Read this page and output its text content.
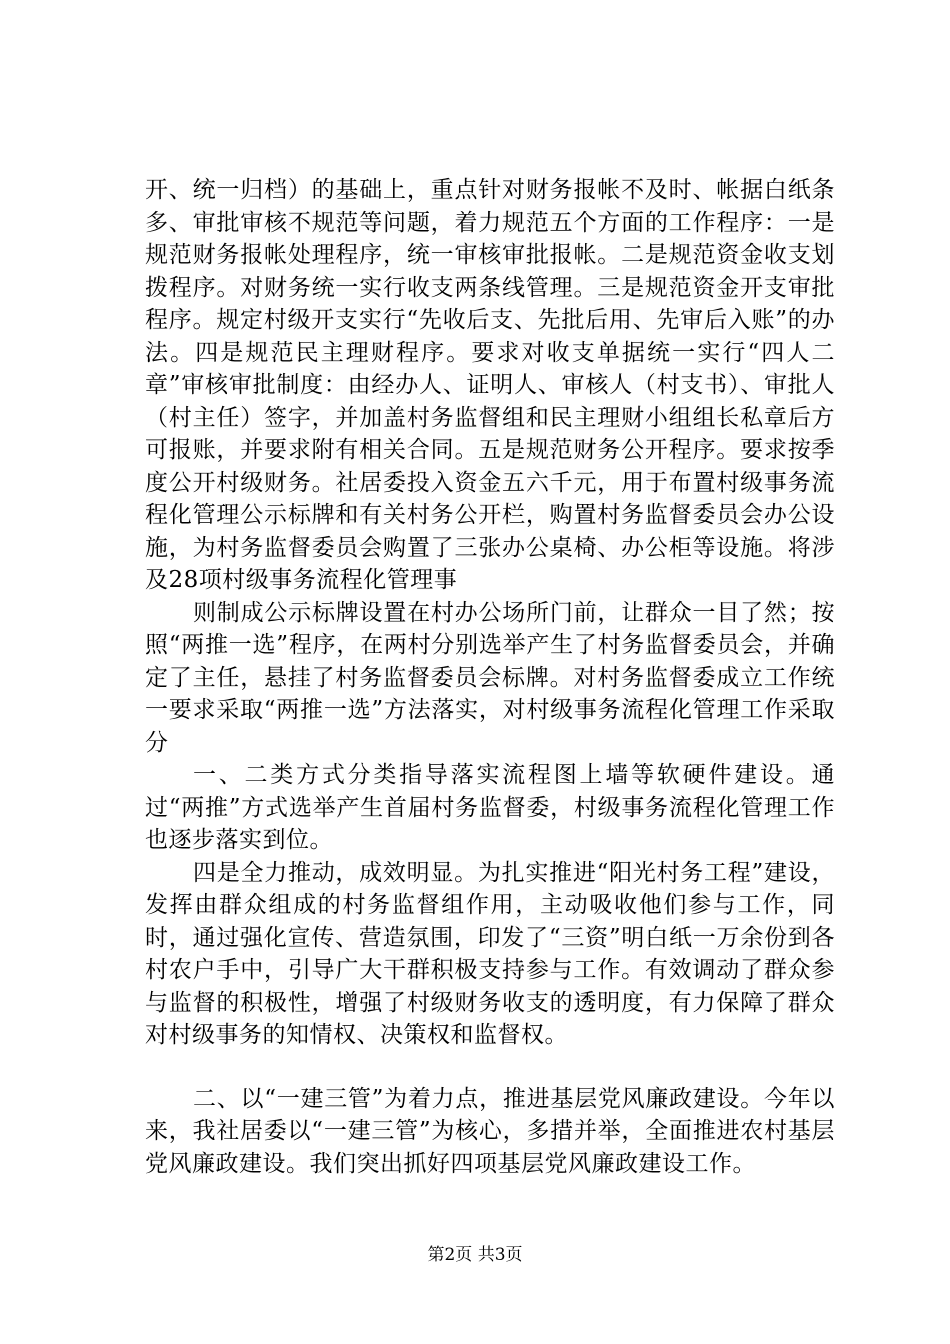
开、统一归档）的基础上，重点针对财务报帐不及时、帐据白纸条多、审批审核不规范等问题，着力规范五个方面的工作程序：一是规范财务报帐处理程序，统一审核审批报帐。二是规范资金收支划拨程序。对财务统一实行收支两条线管理。三是规范资金开支审批程序。规定村级开支实行“先收后支、先批后用、先审后入账”的办法。四是规范民主理财程序。要求对收支单据统一实行“四人二章”审核审批制度：由经办人、证明人、审核人（村支书）、审批人（村主任）签字，并加盖村务监督组和民主理财小组组长私章后方可报账，并要求附有相关合同。五是规范财务公开程序。要求按季度公开村级财务。社居委投入资金五六千元，用于布置村级事务流程化管理公示标牌和有关村务公开栏，购置村务监督委员会办公设施，为村务监督委员会购置了三张办公桌椅、办公柜等设施。将涉及28项村级事务流程化管理事

则制成公示标牌设置在村办公场所门前，让群众一目了然；按照“两推一选”程序，在两村分别选举产生了村务监督委员会，并确定了主任，悬挂了村务监督委员会标牌。对村务监督委成立工作统一要求采取“两推一选”方法落实，对村级事务流程化管理工作采取分

一、二类方式分类指导落实流程图上墙等软硬件建设。通过“两推”方式选举产生首届村务监督委，村级事务流程化管理工作也逐步落实到位。

四是全力推动，成效明显。为扎实推进“阳光村务工程”建设，发挥由群众组成的村务监督组作用，主动吸收他们参与工作，同时，通过强化宣传、营造氛围，印发了“三资”明白纸一万余份到各村农户手中，引导广大干群积极支持参与工作。有效调动了群众参与监督的积极性，增强了村级财务收支的透明度，有力保障了群众对村级事务的知情权、决策权和监督权。

二、以“一建三管”为着力点，推进基层党风廉政建设。今年以来，我社居委以“一建三管”为核心，多措并举，全面推进农村基层党风廉政建设。我们突出抓好四项基层党风廉政建设工作。

第2页 共3页
